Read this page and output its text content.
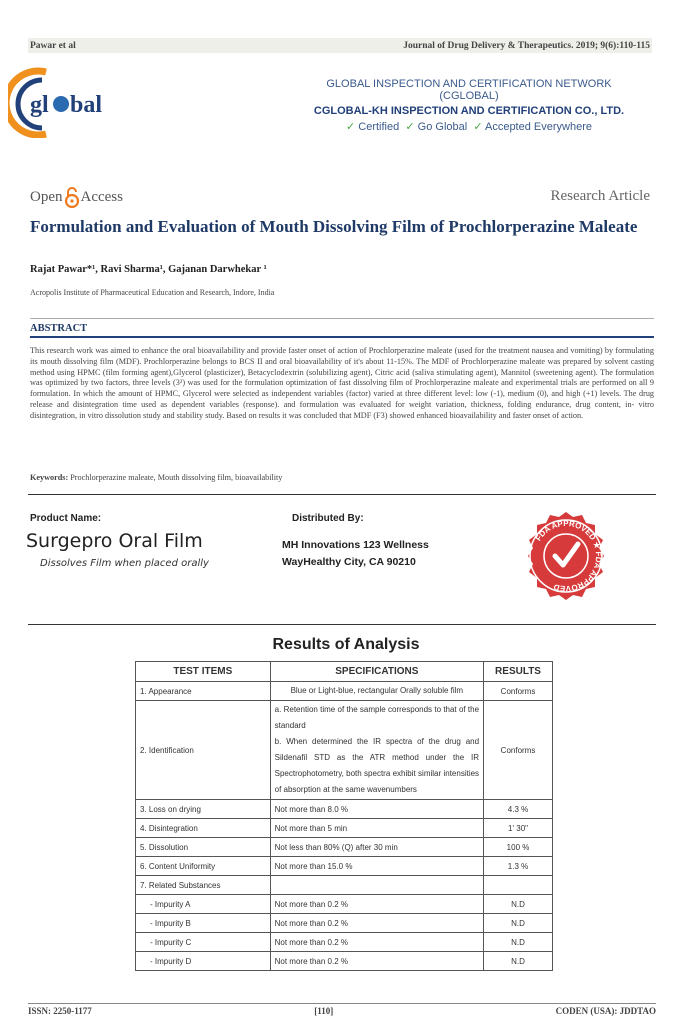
Pawar et al	Journal of Drug Delivery & Therapeutics. 2019; 9(6):110-115
gl bal
GLOBAL INSPECTION AND CERTIFICATION NETWORK (CGLOBAL)
CGLOBAL-KH INSPECTION AND CERTIFICATION CO., LTD.
✓ Certified ✓ Go Global ✓ Accepted Everywhere
Open Access	Research Article
Formulation and Evaluation of Mouth Dissolving Film of Prochlorperazine Maleate
Rajat Pawar*¹, Ravi Sharma¹, Gajanan Darwhekar ¹
Acropolis Institute of Pharmaceutical Education and Research, Indore, India
ABSTRACT
This research work was aimed to enhance the oral bioavailability and provide faster onset of action of Prochlorperazine maleate (used for the treatment nausea and vomiting) by formulating its mouth dissolving film (MDF). Prochlorperazine belongs to BCS II and oral bioavailability of it's about 11-15%. The MDF of Prochlorperazine maleate was prepared by solvent casting method using HPMC (film forming agent),Glycerol (plasticizer), Betacyclodextrin (solubilizing agent), Citric acid (saliva stimulating agent), Mannitol (sweetening agent). The formulation was optimized by two factors, three levels (3²) was used for the formulation optimization of fast dissolving film of Prochlorperazine maleate and experimental trials are performed on all 9 formulation. In which the amount of HPMC, Glycerol were selected as independent variables (factor) varied at three different level: low (-1), medium (0), and high (+1) levels. The drug release and disintegration time used as dependent variables (response). and formulation was evaluated for weight variation, thickness, folding endurance, drug content, in- vitro disintegration, in vitro dissolution study and stability study. Based on results it was concluded that MDF (F3) showed enhanced bioavailability and faster onset of action.
Keywords: Prochlorperazine maleate, Mouth dissolving film, bioavailability
Product Name:
Surgepro Oral Film
Dissolves Film when placed orally
Distributed By:
MH Innovations 123 Wellness
WayHealthy City, CA 90210
FDA APPROVED ★ FDA APPROVED
Results of Analysis
TEST ITEMS	SPECIFICATIONS	RESULTS
1. Appearance	Blue or Light-blue, rectangular Orally soluble film	Conforms
2. Identification	a. Retention time of the sample corresponds to that of the standard
b. When determined the IR spectra of the drug and Sildenafil STD as the ATR method under the IR Spectrophotometry, both spectra exhibit similar intensities of absorption at the same wavenumbers	Conforms
3. Loss on drying	Not more than 8.0 %	4.3 %
4. Disintegration	Not more than 5 min	1' 30"
5. Dissolution	Not less than 80% (Q) after 30 min	100 %
6. Content Uniformity	Not more than 15.0 %	1.3 %
7. Related Substances		
- Impurity A	Not more than 0.2 %	N.D
- Impurity B	Not more than 0.2 %	N.D
- Impurity C	Not more than 0.2 %	N.D
- Impurity D	Not more than 0.2 %	N.D
ISSN: 2250-1177	[110]	CODEN (USA): JDDTAO
